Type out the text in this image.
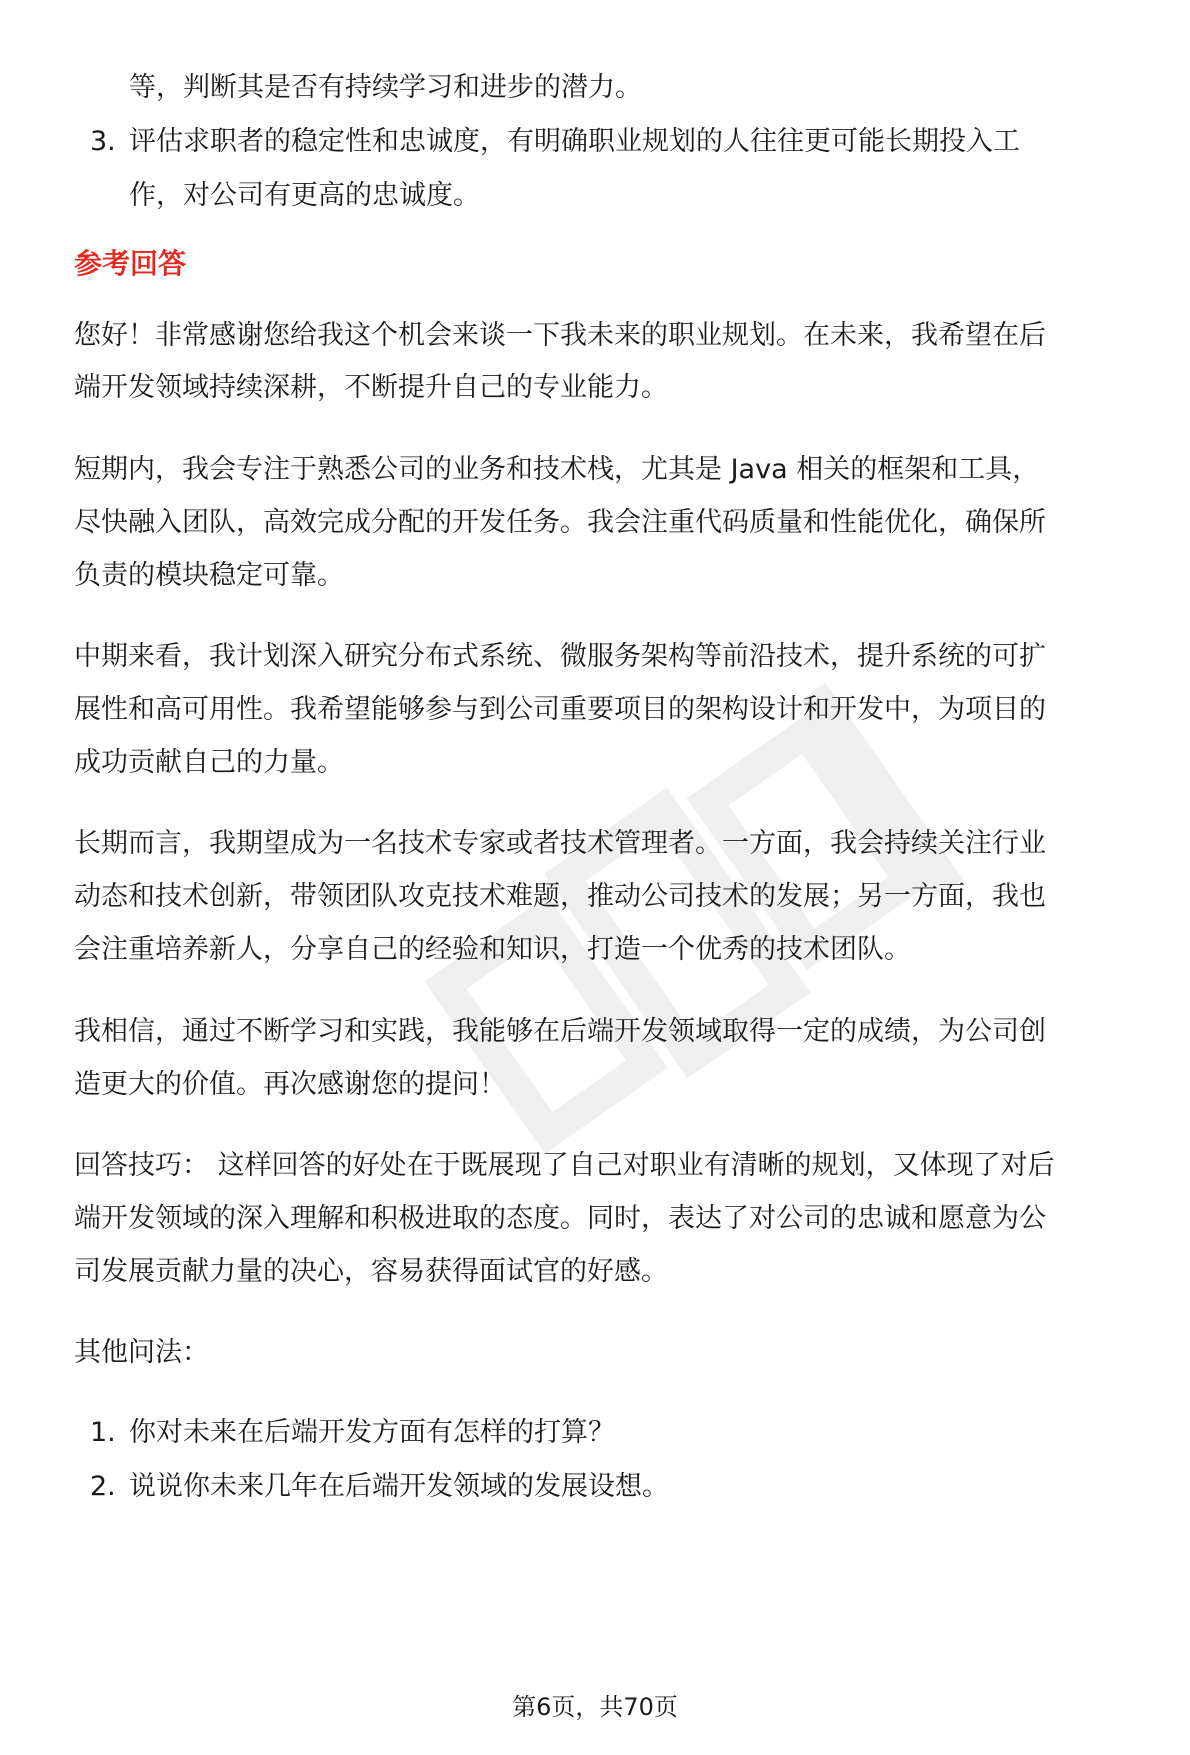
等，判断其是否有持续学习和进步的潜力。
3. 评估求职者的稳定性和忠诚度，有明确职业规划的人往往更可能长期投入工
作，对公司有更高的忠诚度。
参考回答
您好！非常感谢您给我这个机会来谈一下我未来的职业规划。在未来，我希望在后
端开发领域持续深耕，不断提升自己的专业能力。
短期内，我会专注于熟悉公司的业务和技术栈，尤其是 Java 相关的框架和工具，
尽快融入团队，高效完成分配的开发任务。我会注重代码质量和性能优化，确保所
负责的模块稳定可靠。
中期来看，我计划深入研究分布式系统、微服务架构等前沿技术，提升系统的可扩
展性和高可用性。我希望能够参与到公司重要项目的架构设计和开发中，为项目的
成功贡献自己的力量。
长期而言，我期望成为一名技术专家或者技术管理者。一方面，我会持续关注行业
动态和技术创新，带领团队攻克技术难题，推动公司技术的发展；另一方面，我也
会注重培养新人，分享自己的经验和知识，打造一个优秀的技术团队。
我相信，通过不断学习和实践，我能够在后端开发领域取得一定的成绩，为公司创
造更大的价值。再次感谢您的提问！
回答技巧： 这样回答的好处在于既展现了自己对职业有清晰的规划，又体现了对后
端开发领域的深入理解和积极进取的态度。同时，表达了对公司的忠诚和愿意为公
司发展贡献力量的决心，容易获得面试官的好感。
其他问法：
1. 你对未来在后端开发方面有怎样的打算？
2. 说说你未来几年在后端开发领域的发展设想。
第6页，共70页
